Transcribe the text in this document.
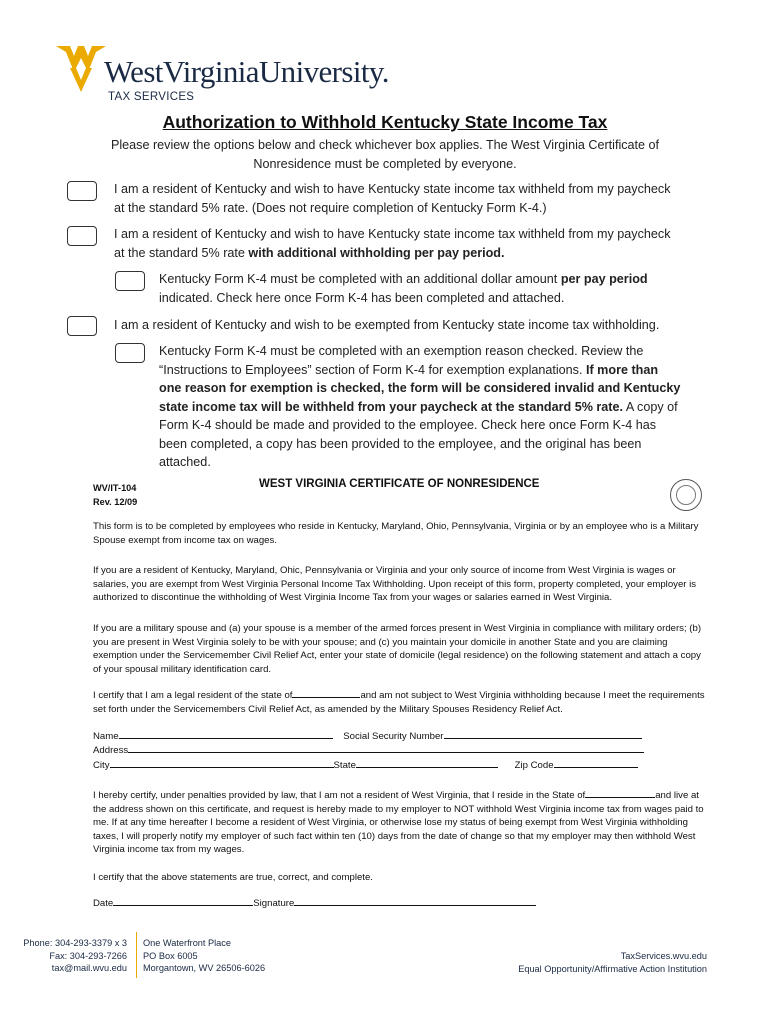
WestVirginiaUniversity.
TAX SERVICES
Authorization to Withhold Kentucky State Income Tax
Please review the options below and check whichever box applies. The West Virginia Certificate of
Nonresidence must be completed by everyone.
I am a resident of Kentucky and wish to have Kentucky state income tax withheld from my paycheck
at the standard 5% rate. (Does not require completion of Kentucky Form K-4.)
I am a resident of Kentucky and wish to have Kentucky state income tax withheld from my paycheck
at the standard 5% rate with additional withholding per pay period.
Kentucky Form K-4 must be completed with an additional dollar amount per pay period
indicated. Check here once Form K-4 has been completed and attached.
I am a resident of Kentucky and wish to be exempted from Kentucky state income tax withholding.
Kentucky Form K-4 must be completed with an exemption reason checked. Review the
“Instructions to Employees” section of Form K-4 for exemption explanations. If more than
one reason for exemption is checked, the form will be considered invalid and Kentucky
state income tax will be withheld from your paycheck at the standard 5% rate. A copy of
Form K-4 should be made and provided to the employee. Check here once Form K-4 has
been completed, a copy has been provided to the employee, and the original has been
attached.
WV/IT-104
Rev. 12/09
WEST VIRGINIA CERTIFICATE OF NONRESIDENCE
This form is to be completed by employees who reside in Kentucky, Maryland, Ohio, Pennsylvania, Virginia or by an employee who is a Military Spouse exempt from income tax on wages.
If you are a resident of Kentucky, Maryland, Ohic, Pennsylvania or Virginia and your only source of income from West Virginia is wages or salaries, you are exempt from West Virginia Personal Income Tax Withholding. Upon receipt of this form, property completed, your employer is authorized to discontinue the withholding of West Virginia Income Tax from your wages or salaries earned in West Virginia.
If you are a military spouse and (a) your spouse is a member of the armed forces present in West Virginia in compliance with military orders; (b) you are present in West Virginia solely to be with your spouse; and (c) you maintain your domicile in another State and you are claiming exemption under the Servicemember Civil Relief Act, enter your state of domicile (legal residence) on the following statement and attach a copy of your spousal military identification card.
I certify that I am a legal resident of the state of	and am not subject to West Virginia withholding because I meet the requirements set forth under the Servicemembers Civil Relief Act, as amended by the Military Spouses Residency Relief Act.
Name	Social Security Number
Address
City	State	Zip Code
I hereby certify, under penalties provided by law, that I am not a resident of West Virginia, that I reside in the State of	and live at the address shown on this certificate, and request is hereby made to my employer to NOT withhold West Virginia income tax from wages paid to me. If at any time hereafter I become a resident of West Virginia, or otherwise lose my status of being exempt from West Virginia withholding taxes, I will properly notify my employer of such fact within ten (10) days from the date of change so that my employer may then withhold West Virginia income tax from my wages.
I certify that the above statements are true, correct, and complete.
Date	Signature
Phone: 304-293-3379 x 3
Fax: 304-293-7266
tax@mail.wvu.edu
One Waterfront Place
PO Box 6005
Morgantown, WV 26506-6026
TaxServices.wvu.edu
Equal Opportunity/Affirmative Action Institution
